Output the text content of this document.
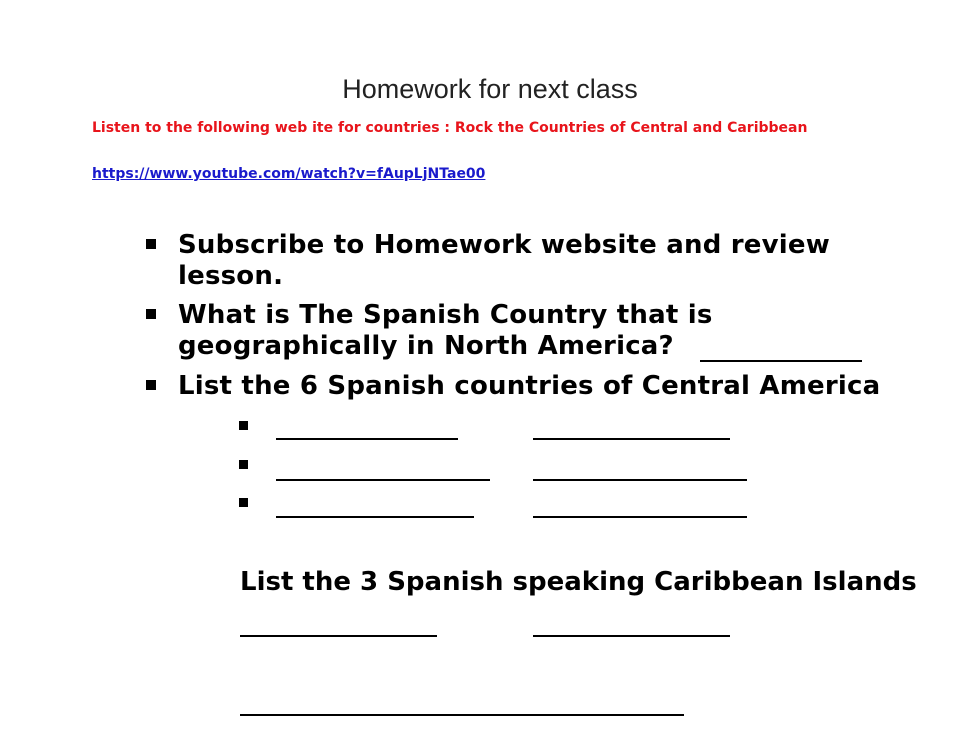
Homework for next class
Listen to the following web ite for countries : Rock the Countries of Central and Caribbean
https://www.youtube.com/watch?v=fAupLjNTae00
Subscribe to Homework website and review lesson.
What is The Spanish Country that is geographically in North America?
List the 6 Spanish countries of Central America
List the 3 Spanish speaking Caribbean Islands
